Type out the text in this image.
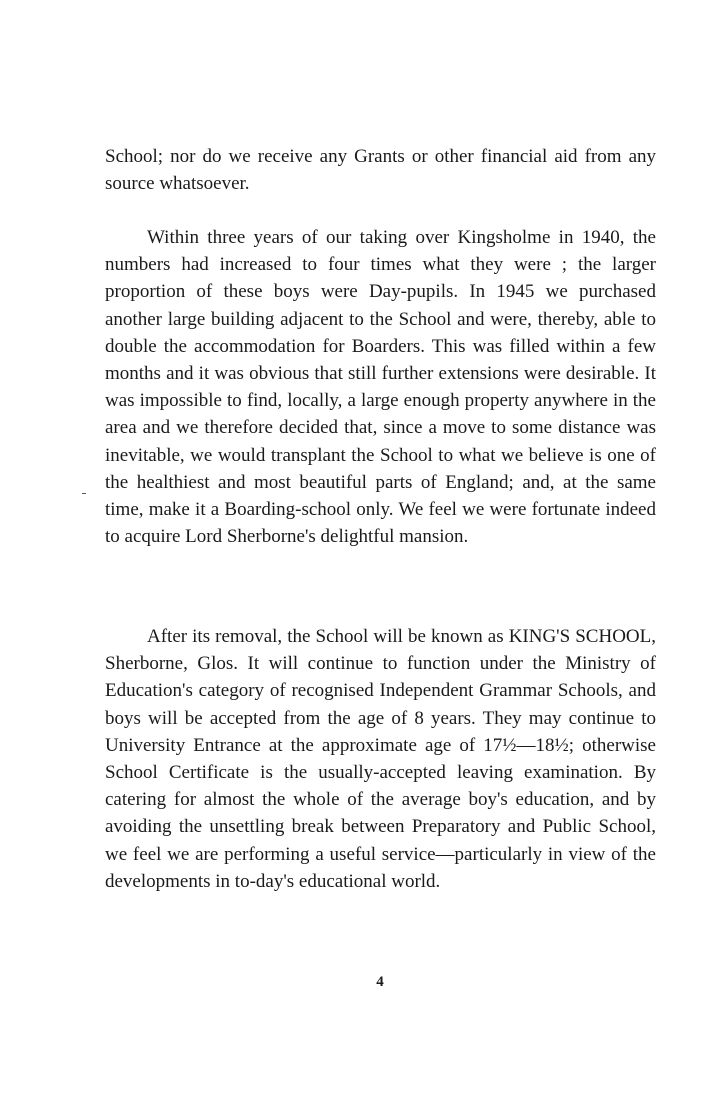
School; nor do we receive any Grants or other financial aid from any source whatsoever.

Within three years of our taking over Kingsholme in 1940, the numbers had increased to four times what they were ; the larger proportion of these boys were Day-pupils. In 1945 we purchased another large building adjacent to the School and were, thereby, able to double the accommodation for Boarders. This was filled within a few months and it was obvious that still further extensions were desirable. It was impossible to find, locally, a large enough property anywhere in the area and we therefore decided that, since a move to some distance was inevitable, we would transplant the School to what we believe is one of the healthiest and most beautiful parts of England; and, at the same time, make it a Boarding-school only. We feel we were fortunate indeed to acquire Lord Sherborne's delightful mansion.

After its removal, the School will be known as KING'S SCHOOL, Sherborne, Glos. It will continue to function under the Ministry of Education's category of recognised Independent Grammar Schools, and boys will be accepted from the age of 8 years. They may continue to University Entrance at the approximate age of 17½—18½; otherwise School Certificate is the usually-accepted leaving examination. By catering for almost the whole of the average boy's education, and by avoiding the unsettling break between Preparatory and Public School, we feel we are performing a useful service—particularly in view of the developments in to-day's educational world.

4
